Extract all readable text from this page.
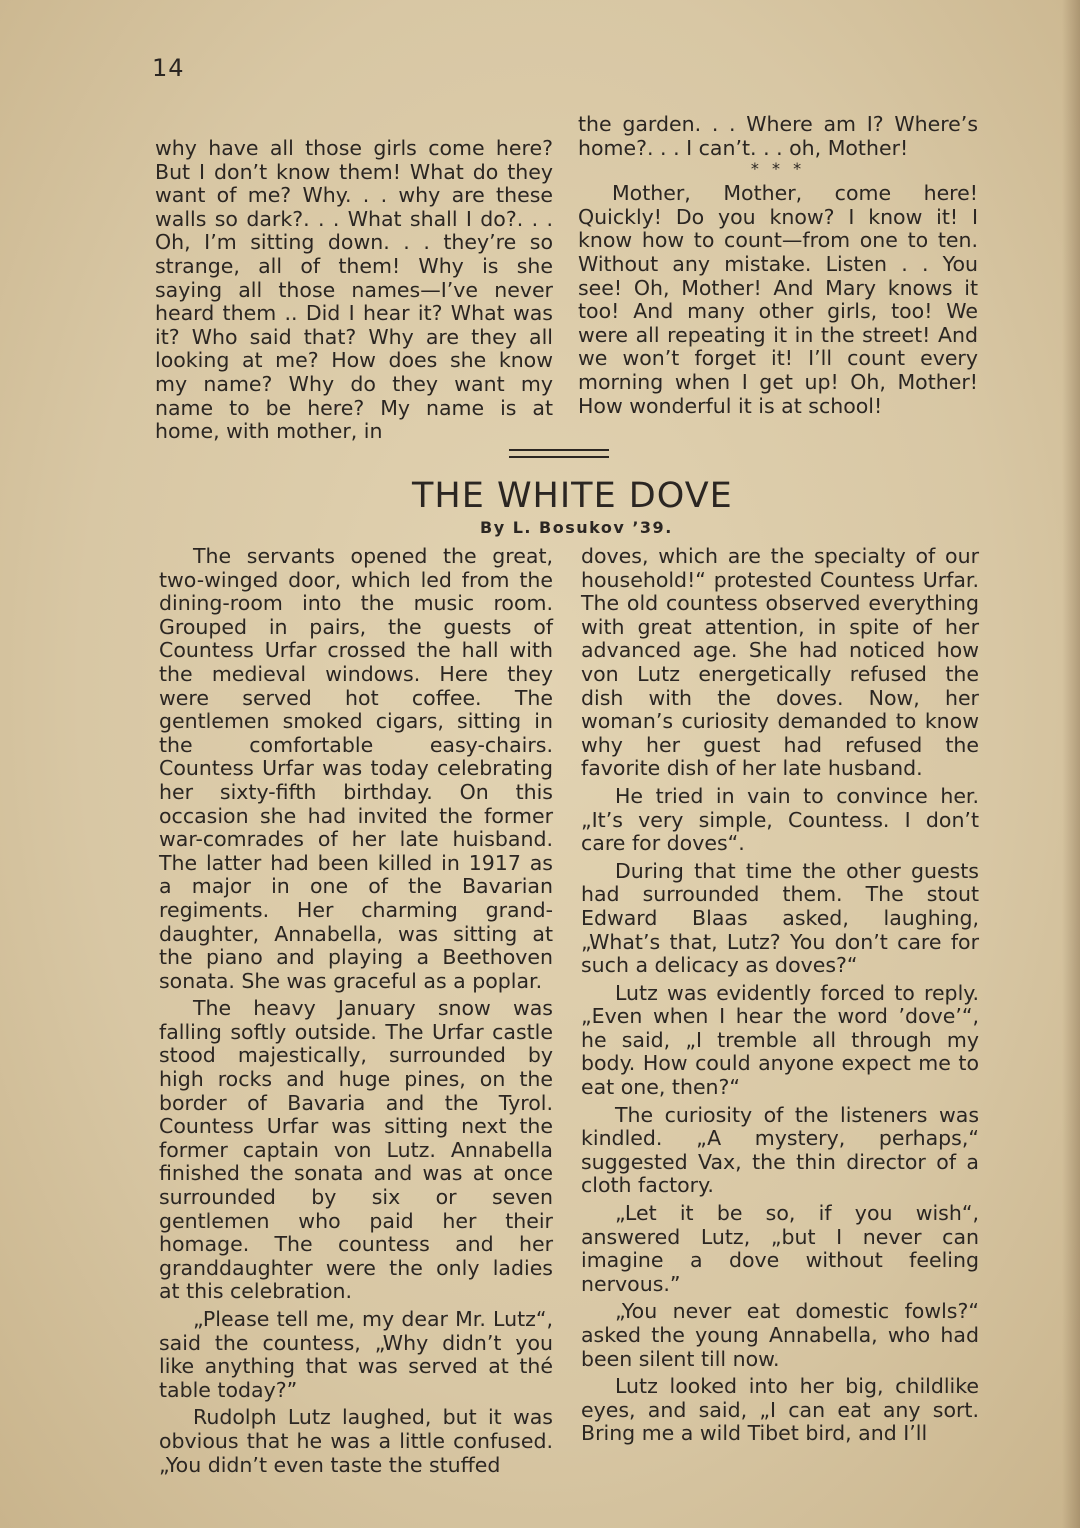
14

why have all those girls come here? But I don’t know them! What do they want of me? Why. . . why are these walls so dark?. . . What shall I do?. . . Oh, I’m sitting down. . . they’re so strange, all of them! Why is she saying all those names—I’ve never heard them .. Did I hear it? What was it? Who said that? Why are they all looking at me? How does she know my name? Why do they want my name to be here? My name is at home, with mother, in

the garden. . . Where am I? Where’s home?. . . I can’t. . . oh, Mother!

* * *

Mother, Mother, come here! Quickly! Do you know? I know it! I know how to count—from one to ten. Without any mistake. Listen . . You see! Oh, Mother! And Mary knows it too! And many other girls, too! We were all repeating it in the street! And we won’t forget it! I’ll count every morning when I get up! Oh, Mother! How wonderful it is at school!

THE WHITE DOVE
By L. Bosukov ’39.

The servants opened the great, two-winged door, which led from the dining-room into the music room. Grouped in pairs, the guests of Countess Urfar crossed the hall with the medieval windows. Here they were served hot coffee. The gentlemen smoked cigars, sitting in the comfortable easy-chairs. Countess Urfar was today celebrating her sixty-fifth birthday. On this occasion she had invited the former war-comrades of her late huisband. The latter had been killed in 1917 as a major in one of the Bavarian regiments. Her charming grand-daughter, Annabella, was sitting at the piano and playing a Beethoven sonata. She was graceful as a poplar.

The heavy January snow was falling softly outside. The Urfar castle stood majestically, surrounded by high rocks and huge pines, on the border of Bavaria and the Tyrol. Countess Urfar was sitting next the former captain von Lutz. Annabella finished the sonata and was at once surrounded by six or seven gentlemen who paid her their homage. The countess and her granddaughter were the only ladies at this celebration.

„Please tell me, my dear Mr. Lutz“, said the countess, „Why didn’t you like anything that was served at thé table today?”

Rudolph Lutz laughed, but it was obvious that he was a little confused. „You didn’t even taste the stuffed

doves, which are the specialty of our household!“ protested Countess Urfar. The old countess observed everything with great attention, in spite of her advanced age. She had noticed how von Lutz energetically refused the dish with the doves. Now, her woman’s curiosity demanded to know why her guest had refused the favorite dish of her late husband.

He tried in vain to convince her. „It’s very simple, Countess. I don’t care for doves“.

During that time the other guests had surrounded them. The stout Edward Blaas asked, laughing, „What’s that, Lutz? You don’t care for such a delicacy as doves?“

Lutz was evidently forced to reply. „Even when I hear the word ’dove’“, he said, „I tremble all through my body. How could anyone expect me to eat one, then?“

The curiosity of the listeners was kindled. „A mystery, perhaps,“ suggested Vax, the thin director of a cloth factory.

„Let it be so, if you wish“, answered Lutz, „but I never can imagine a dove without feeling nervous.”

„You never eat domestic fowls?“ asked the young Annabella, who had been silent till now.

Lutz looked into her big, childlike eyes, and said, „I can eat any sort. Bring me a wild Tibet bird, and I’ll
